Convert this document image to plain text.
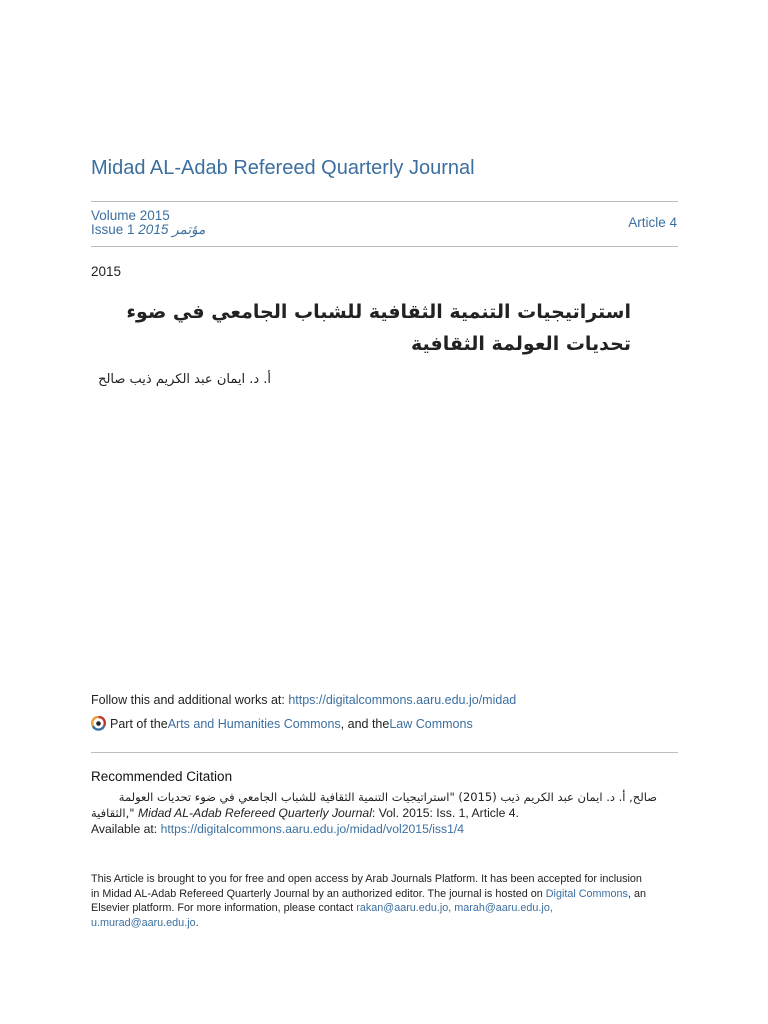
Midad AL-Adab Refereed Quarterly Journal
Volume 2015
Issue 1 2015 مؤتمر	Article 4
2015
استراتيجيات التنمية الثقافية للشباب الجامعي في ضوء تحديات العولمة الثقافية
أ. د. ايمان عبد الكريم ذيب صالح
Follow this and additional works at: https://digitalcommons.aaru.edu.jo/midad
Part of the Arts and Humanities Commons , and the Law Commons
Recommended Citation
صالح, أ. د. ايمان عبد الكريم ذيب (2015) "استراتيجيات التنمية الثقافية للشباب الجامعي في ضوء تحديات العولمة
الثقافية," Midad AL-Adab Refereed Quarterly Journal: Vol. 2015: Iss. 1, Article 4.
Available at: https://digitalcommons.aaru.edu.jo/midad/vol2015/iss1/4
This Article is brought to you for free and open access by Arab Journals Platform. It has been accepted for inclusion in Midad AL-Adab Refereed Quarterly Journal by an authorized editor. The journal is hosted on Digital Commons, an Elsevier platform. For more information, please contact rakan@aaru.edu.jo, marah@aaru.edu.jo, u.murad@aaru.edu.jo.
